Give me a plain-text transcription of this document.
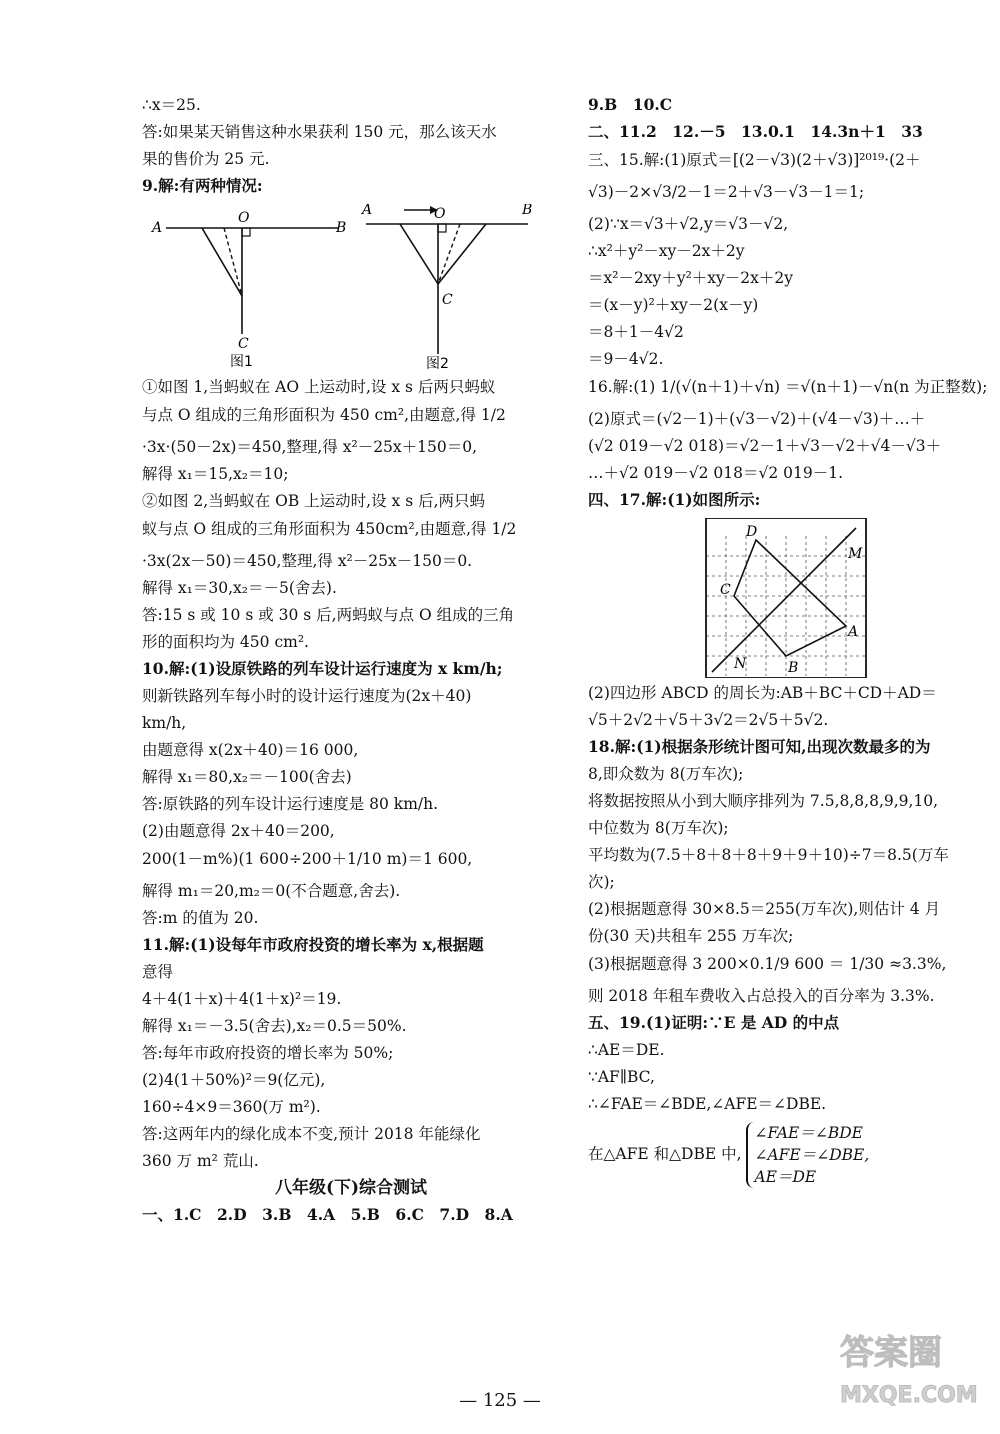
∴x＝25.
答:如果某天销售这种水果获利 150 元，那么该天水
果的售价为 25 元.
9.解:有两种情况:
A	B
O
C
图1
A	B
O
C
图2
①如图 1,当蚂蚁在 AO 上运动时,设 x s 后两只蚂蚁
与点 O 组成的三角形面积为 450 cm²,由题意,得 1/2
·3x·(50－2x)＝450,整理,得 x²－25x＋150＝0,
解得 x₁＝15,x₂＝10;
②如图 2,当蚂蚁在 OB 上运动时,设 x s 后,两只蚂
蚁与点 O 组成的三角形面积为 450cm²,由题意,得 1/2
·3x(2x－50)＝450,整理,得 x²－25x－150＝0.
解得 x₁＝30,x₂＝－5(舍去).
答:15 s 或 10 s 或 30 s 后,两蚂蚁与点 O 组成的三角
形的面积均为 450 cm².
10.解:(1)设原铁路的列车设计运行速度为 x km/h;
则新铁路列车每小时的设计运行速度为(2x＋40)
km/h,
由题意得 x(2x＋40)＝16 000,
解得 x₁＝80,x₂＝－100(舍去)
答:原铁路的列车设计运行速度是 80 km/h.
(2)由题意得 2x＋40＝200,
200(1－m%)(1 600÷200＋1/10 m)＝1 600,
解得 m₁＝20,m₂＝0(不合题意,舍去).
答:m 的值为 20.
11.解:(1)设每年市政府投资的增长率为 x,根据题
意得
4＋4(1＋x)＋4(1＋x)²＝19.
解得 x₁＝－3.5(舍去),x₂＝0.5＝50%.
答:每年市政府投资的增长率为 50%;
(2)4(1＋50%)²＝9(亿元),
160÷4×9＝360(万 m²).
答:这两年内的绿化成本不变,预计 2018 年能绿化
360 万 m² 荒山.
八年级(下)综合测试
一、1.C　2.D　3.B　4.A　5.B　6.C　7.D　8.A
9.B　10.C
二、11.2　12.－5　13.0.1　14.3n＋1　33
三、15.解:(1)原式＝[(2－√3)(2＋√3)]²⁰¹⁹·(2＋
√3)－2×√3/2－1＝2＋√3－√3－1＝1;
(2)∵x＝√3＋√2,y＝√3－√2,
∴x²＋y²－xy－2x＋2y
＝x²－2xy＋y²＋xy－2x＋2y
＝(x－y)²＋xy－2(x－y)
＝8＋1－4√2
＝9－4√2.
16.解:(1) 1/(√(n＋1)＋√n) ＝√(n＋1)－√n(n 为正整数);
(2)原式＝(√2－1)＋(√3－√2)＋(√4－√3)＋…＋
(√2 019－√2 018)＝√2－1＋√3－√2＋√4－√3＋
…＋√2 019－√2 018＝√2 019－1.
四、17.解:(1)如图所示:
D
M
C
A
N	B
(2)四边形 ABCD 的周长为:AB＋BC＋CD＋AD＝
√5＋2√2＋√5＋3√2＝2√5＋5√2.
18.解:(1)根据条形统计图可知,出现次数最多的为
8,即众数为 8(万车次);
将数据按照从小到大顺序排列为 7.5,8,8,8,9,9,10,
中位数为 8(万车次);
平均数为(7.5＋8＋8＋8＋9＋9＋10)÷7＝8.5(万车
次);
(2)根据题意得 30×8.5＝255(万车次),则估计 4 月
份(30 天)共租车 255 万车次;
(3)根据题意得 3 200×0.1/9 600 ＝ 1/30 ≈3.3%,
则 2018 年租车费收入占总投入的百分率为 3.3%.
五、19.(1)证明:∵E 是 AD 的中点
∴AE＝DE.
∵AF∥BC,
∴∠FAE＝∠BDE,∠AFE＝∠DBE.
在△AFE 和△DBE 中,
∠FAE＝∠BDE
∠AFE＝∠DBE,
AE＝DE
— 125 —
答案圈
MXQE.COM
